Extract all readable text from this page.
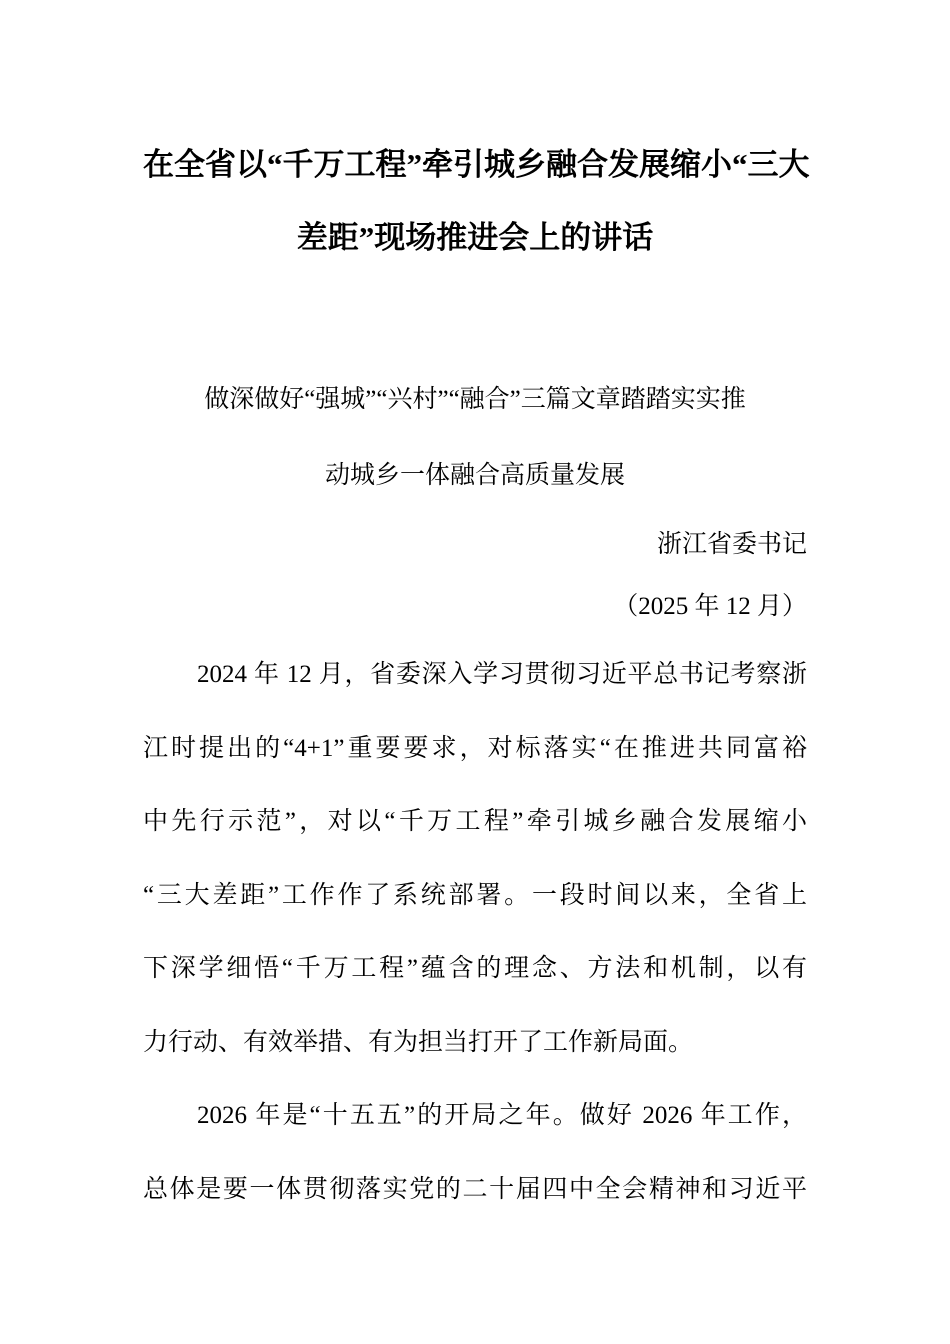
在全省以“千万工程”牵引城乡融合发展缩小“三大
差距”现场推进会上的讲话
做深做好“强城”“兴村”“融合”三篇文章踏踏实实推
动城乡一体融合高质量发展
浙江省委书记
（2025 年 12 月）
2024 年 12 月，省委深入学习贯彻习近平总书记考察浙
江时提出的“4+1”重要要求，对标落实“在推进共同富裕
中先行示范”，对以“千万工程”牵引城乡融合发展缩小
“三大差距”工作作了系统部署。一段时间以来，全省上
下深学细悟“千万工程”蕴含的理念、方法和机制，以有
力行动、有效举措、有为担当打开了工作新局面。
2026 年是“十五五”的开局之年。做好 2026 年工作，
总体是要一体贯彻落实党的二十届四中全会精神和习近平
